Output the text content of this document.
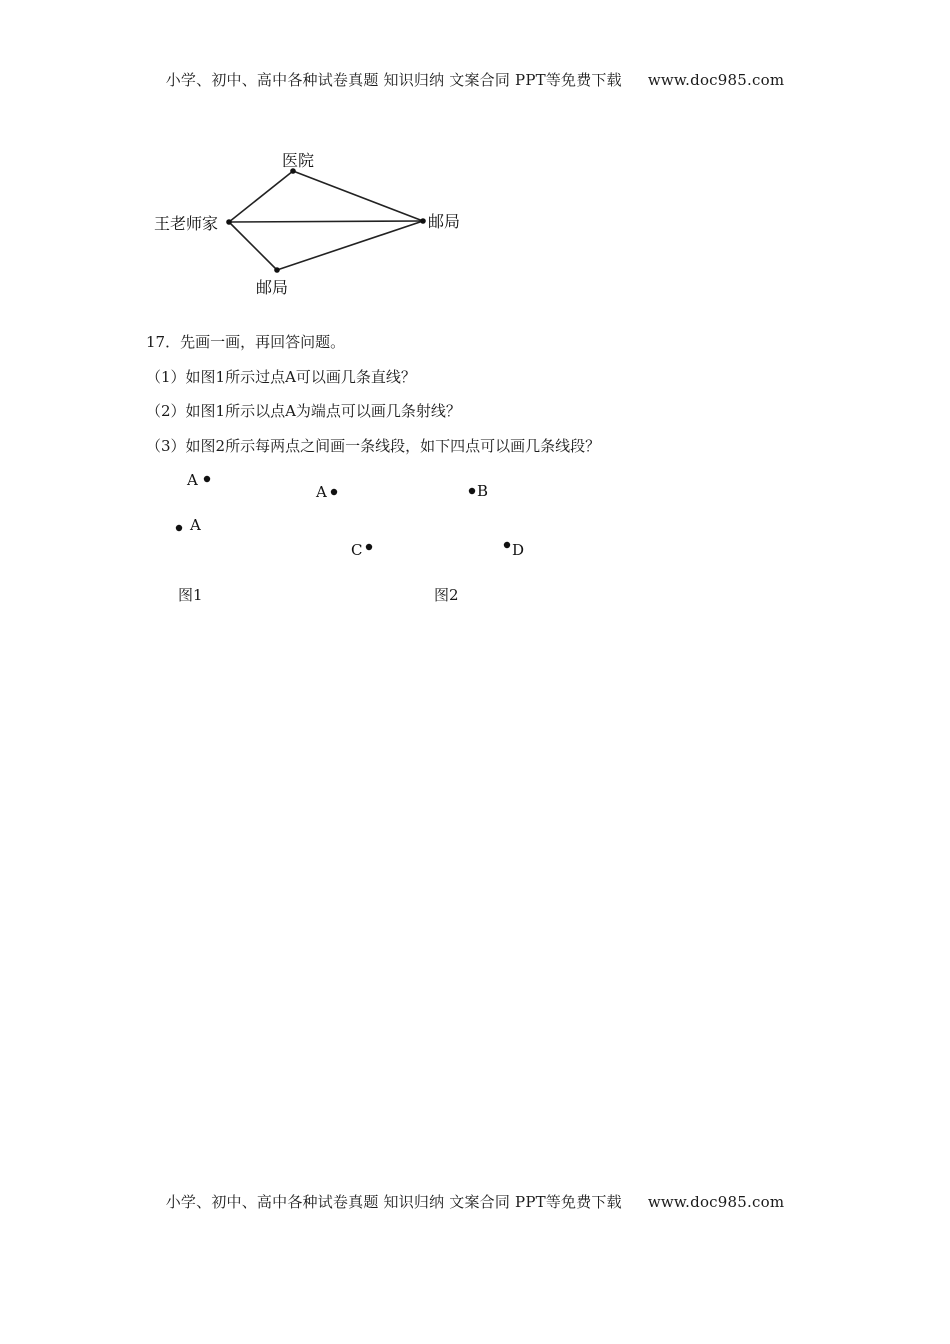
小学、初中、高中各种试卷真题 知识归纳 文案合同 PPT等免费下载 www.doc985.com
医院
王老师家	邮局
邮局
A
A
A	B
C	D
17．先画一画，再回答问题。
（1）如图1所示过点A可以画几条直线？
（2）如图1所示以点A为端点可以画几条射线？
（3）如图2所示每两点之间画一条线段，如下四点可以画几条线段？
图1	图2
小学、初中、高中各种试卷真题 知识归纳 文案合同 PPT等免费下载 www.doc985.com
